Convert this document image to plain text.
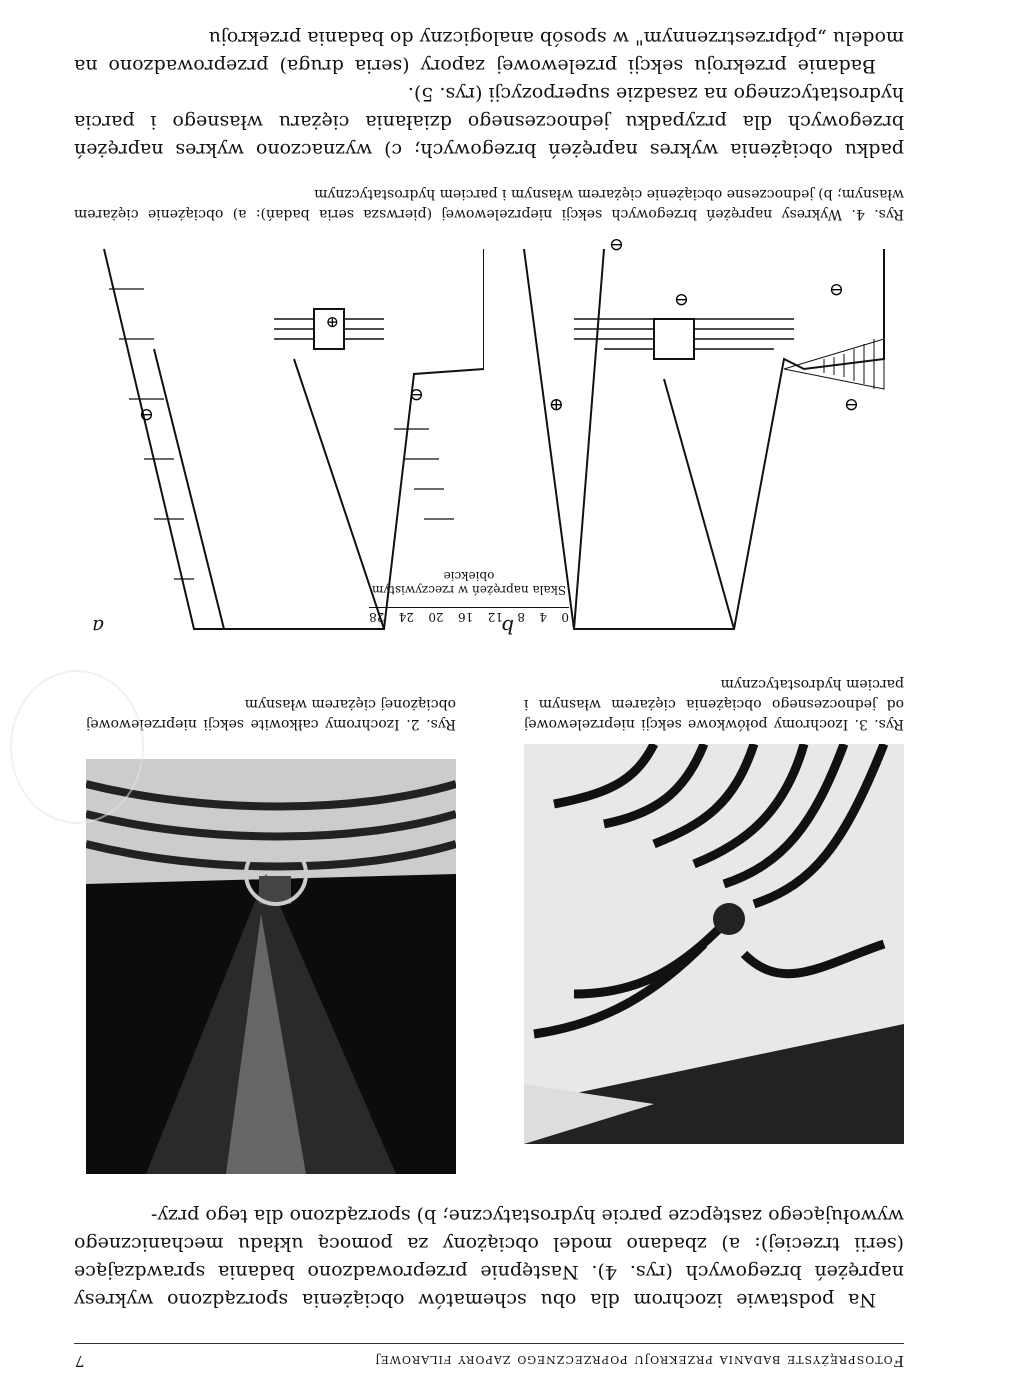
Fotosprężyste badania przekroju poprzecznego zapory filarowej
7

Na podstawie izochrom dla obu schematów obciążenia sporządzono wykresy naprężeń brzegowych (rys. 4). Następnie przeprowadzono badania sprawdzające (serii trzeciej): a) zbadano model obciążony za pomocą układu mechanicznego wywołującego zastępcze parcie hydrostatyczne; b) sporządzono dla tego przy-

Rys. 3. Izochromy połówkowe sekcji nieprzelewowej od jednoczesnego obciążenia ciężarem własnym i parciem hydrostatycznym
Rys. 2. Izochromy całkowite sekcji nieprzelewowej obciążonej ciężarem własnym
⊖
⊖
⊖
⊖
⊕
b
⊖
⊖
⊕
a	0
4
8
12
16
20
24
28
Skala naprężeń w rzeczywistym obiekcie
Rys. 4. Wykresy naprężeń brzegowych sekcji nieprzelewowej (pierwsza seria badań): a) obciążenie ciężarem własnym; b) jednoczesne obciążenie ciężarem własnym i parciem hydrostatycznym

padku obciążenia wykres naprężeń brzegowych; c) wyznaczono wykres naprężeń brzegowych dla przypadku jednoczesnego działania ciężaru własnego i parcia hydrostatycznego na zasadzie superpozycji (rys. 5).

Badanie przekroju sekcji przelewowej zapory (seria druga) przeprowadzono na modelu „półprzestrzennym" w sposób analogiczny do badania przekroju
